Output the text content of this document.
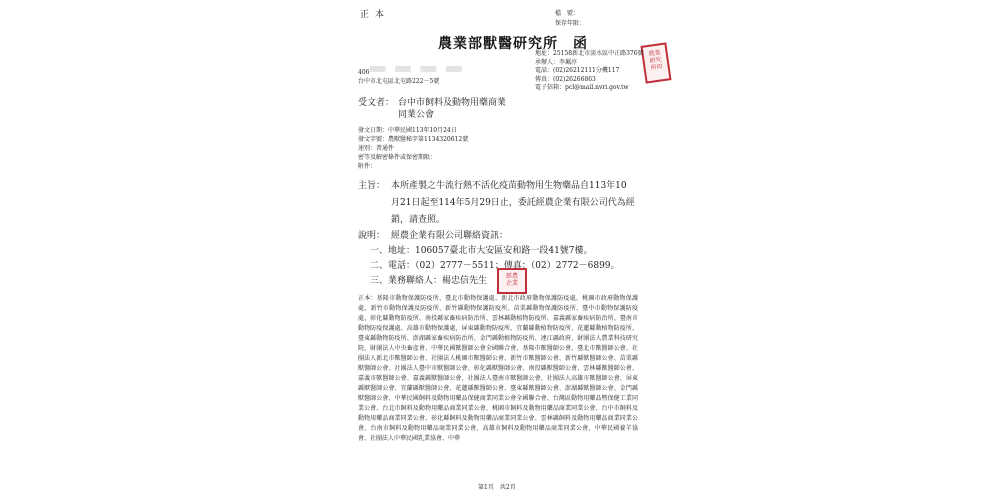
正本	檔　號：
保存年限：
▂▂▂▂
農業部獸醫研究所　函
農業
研究
所印
地址：25158新北市淡水區中正路376號
承辦人：李珮淳
電話：(02)26212111分機117
傳真：(02)26266863
電子信箱：pcl@mail.nvri.gov.tw
406
台中市北屯區北屯路222－5號
受文者： 台中市飼料及動物用藥商業
同業公會
發文日期：中華民國113年10月24日
發文字號：農獸醫秘字第1134320612號
速別：普通件
密等及解密條件或保密期限：
附件：
主旨： 本所產製之牛流行熱不活化疫苗動物用生物藥品自113年10
月21日起至114年5月29日止，委託經農企業有限公司代為經
銷，請查照。
說明： 經農企業有限公司聯絡資訊：
一、地址：106057臺北市大安區安和路一段41號7樓。
二、電話：（02）2777－5511；傳真：（02）2772－6899。
三、業務聯絡人：楊忠信先生	經農
企業
正本：基隆市動物保護防疫所、臺北市動物保護處、新北市政府動物保護防疫處、桃園市政府動物保護處、新竹市動物保護及防疫所、新竹縣動物保護防疫所、苗栗縣動物保護防疫所、臺中市動物保護防疫處、彰化縣動物防疫所、南投縣家畜疾病防治所、雲林縣動植物防疫所、嘉義縣家畜疾病防治所、臺南市動物防疫保護處、高雄市動物保護處、屏東縣動物防疫所、宜蘭縣動植物防疫所、花蓮縣動植物防疫所、臺東縣動物防疫所、澎湖縣家畜疾病防治所、金門縣動植物防疫所、連江縣政府、財團法人農業科技研究院、財團法人中央畜產會、中華民國獸醫師公會全國聯合會、基隆市獸醫師公會、臺北市獸醫師公會、社團法人新北市獸醫師公會、社團法人桃園市獸醫師公會、新竹市獸醫師公會、新竹縣獸醫師公會、苗栗縣獸醫師公會、社團法人臺中市獸醫師公會、彰化縣獸醫師公會、南投縣獸醫師公會、雲林縣獸醫師公會、嘉義市獸醫師公會、嘉義縣獸醫師公會、社團法人臺南市獸醫師公會、社團法人高雄市獸醫師公會、屏東縣獸醫師公會、宜蘭縣獸醫師公會、花蓮縣獸醫師公會、臺東縣獸醫師公會、澎湖縣獸醫師公會、金門縣獸醫師公會、中華民國飼料及動物用藥品保健商業同業公會全國聯合會、台灣區動物用藥品暨保健工業同業公會、台北市飼料及動物用藥品商業同業公會、桃園市飼料及動物用藥品商業同業公會、台中市飼料及動物用藥品商業同業公會、彰化縣飼料及動物用藥品商業同業公會、雲林縣飼料及動物用藥品商業同業公會、台南市飼料及動物用藥品商業同業公會、高雄市飼料及動物用藥品商業同業公會、中華民國養羊協會、社團法人中華民國乳業協會、中華
第1頁　共2頁
